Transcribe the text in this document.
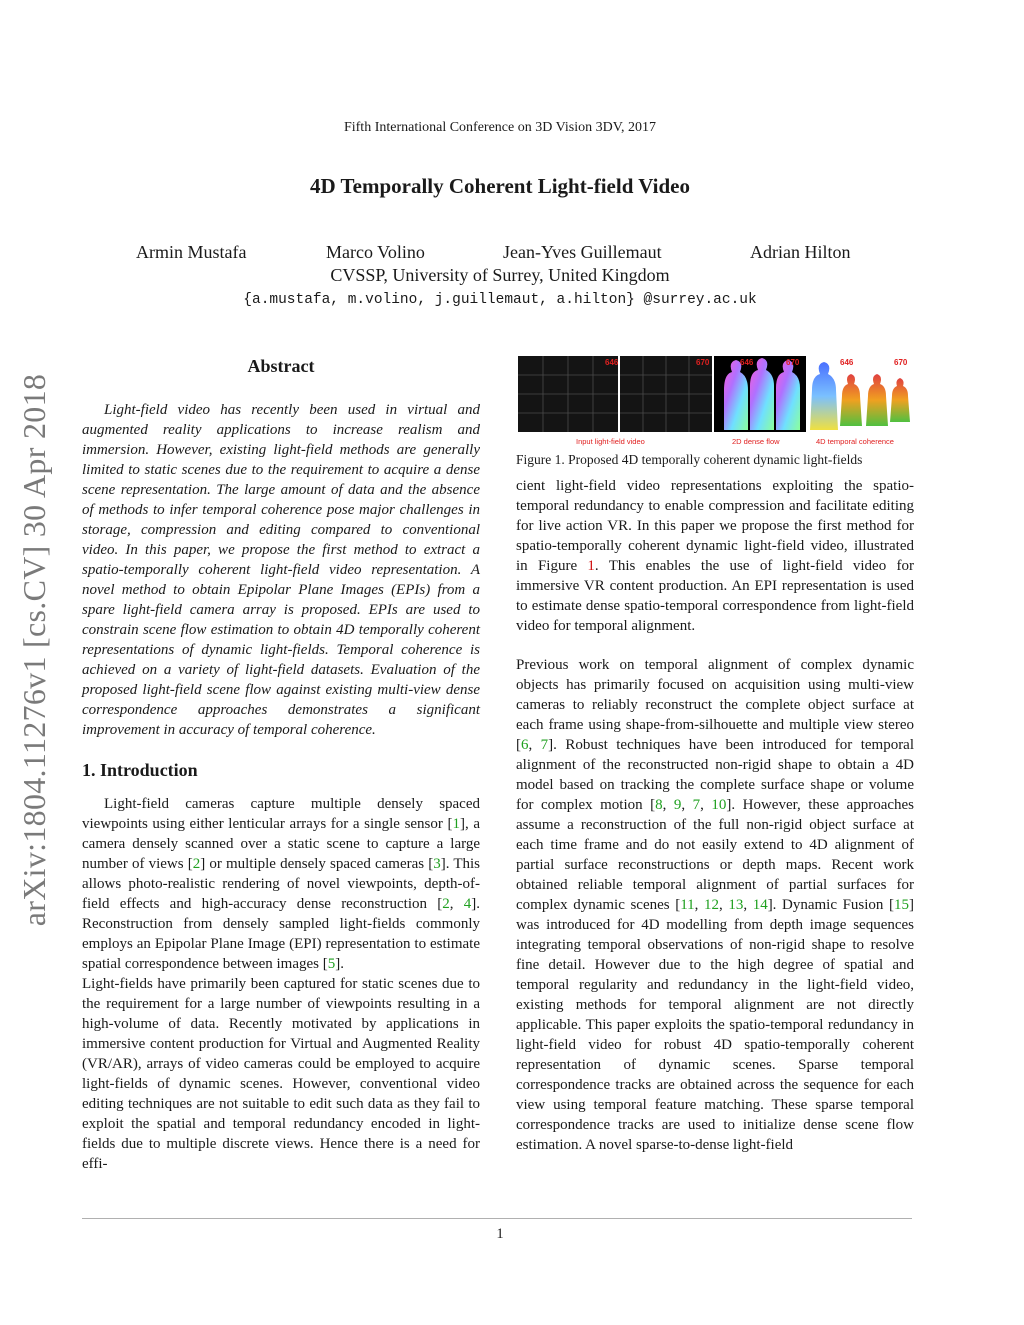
Fifth International Conference on 3D Vision 3DV, 2017
4D Temporally Coherent Light-field Video
Armin Mustafa	Marco Volino	Jean-Yves Guillemaut	Adrian Hilton
CVSSP, University of Surrey, United Kingdom
{a.mustafa, m.volino, j.guillemaut, a.hilton} @surrey.ac.uk
arXiv:1804.11276v1 [cs.CV] 30 Apr 2018
Abstract

Light-field video has recently been used in virtual and augmented reality applications to increase realism and immersion. However, existing light-field methods are generally limited to static scenes due to the requirement to acquire a dense scene representation. The large amount of data and the absence of methods to infer temporal coherence pose major challenges in storage, compression and editing compared to conventional video. In this paper, we propose the first method to extract a spatio-temporally coherent light-field video representation. A novel method to obtain Epipolar Plane Images (EPIs) from a spare light-field camera array is proposed. EPIs are used to constrain scene flow estimation to obtain 4D temporally coherent representations of dynamic light-fields. Temporal coherence is achieved on a variety of light-field datasets. Evaluation of the proposed light-field scene flow against existing multi-view dense correspondence approaches demonstrates a significant improvement in accuracy of temporal coherence.

1. Introduction

Light-field cameras capture multiple densely spaced viewpoints using either lenticular arrays for a single sensor [1], a camera densely scanned over a static scene to capture a large number of views [2] or multiple densely spaced cameras [3]. This allows photo-realistic rendering of novel viewpoints, depth-of-field effects and high-accuracy dense reconstruction [2, 4]. Reconstruction from densely sampled light-fields commonly employs an Epipolar Plane Image (EPI) representation to estimate spatial correspondence between images [5].

Light-fields have primarily been captured for static scenes due to the requirement for a large number of viewpoints resulting in a high-volume of data. Recently motivated by applications in immersive content production for Virtual and Augmented Reality (VR/AR), arrays of video cameras could be employed to acquire light-fields of dynamic scenes. However, conventional video editing techniques are not suitable to edit such data as they fail to exploit the spatial and temporal redundancy encoded in light-fields due to multiple discrete views. Hence there is a need for effi-

646	670	646	670	646	670
Input light-field video	2D dense flow	4D temporal coherence
Figure 1. Proposed 4D temporally coherent dynamic light-fields

cient light-field video representations exploiting the spatio-temporal redundancy to enable compression and facilitate editing for live action VR. In this paper we propose the first method for spatio-temporally coherent dynamic light-field video, illustrated in Figure 1. This enables the use of light-field video for immersive VR content production. An EPI representation is used to estimate dense spatio-temporal correspondence from light-field video for temporal alignment.

Previous work on temporal alignment of complex dynamic objects has primarily focused on acquisition using multi-view cameras to reliably reconstruct the complete object surface at each frame using shape-from-silhouette and multiple view stereo [6, 7]. Robust techniques have been introduced for temporal alignment of the reconstructed non-rigid shape to obtain a 4D model based on tracking the complete surface shape or volume for complex motion [8, 9, 7, 10]. However, these approaches assume a reconstruction of the full non-rigid object surface at each time frame and do not easily extend to 4D alignment of partial surface reconstructions or depth maps. Recent work obtained reliable temporal alignment of partial surfaces for complex dynamic scenes [11, 12, 13, 14]. Dynamic Fusion [15] was introduced for 4D modelling from depth image sequences integrating temporal observations of non-rigid shape to resolve fine detail. However due to the high degree of spatial and temporal regularity and redundancy in the light-field video, existing methods for temporal alignment are not directly applicable. This paper exploits the spatio-temporal redundancy in light-field video for robust 4D spatio-temporally coherent representation of dynamic scenes. Sparse temporal correspondence tracks are obtained across the sequence for each view using temporal feature matching. These sparse temporal correspondence tracks are used to initialize dense scene flow estimation. A novel sparse-to-dense light-field

1
